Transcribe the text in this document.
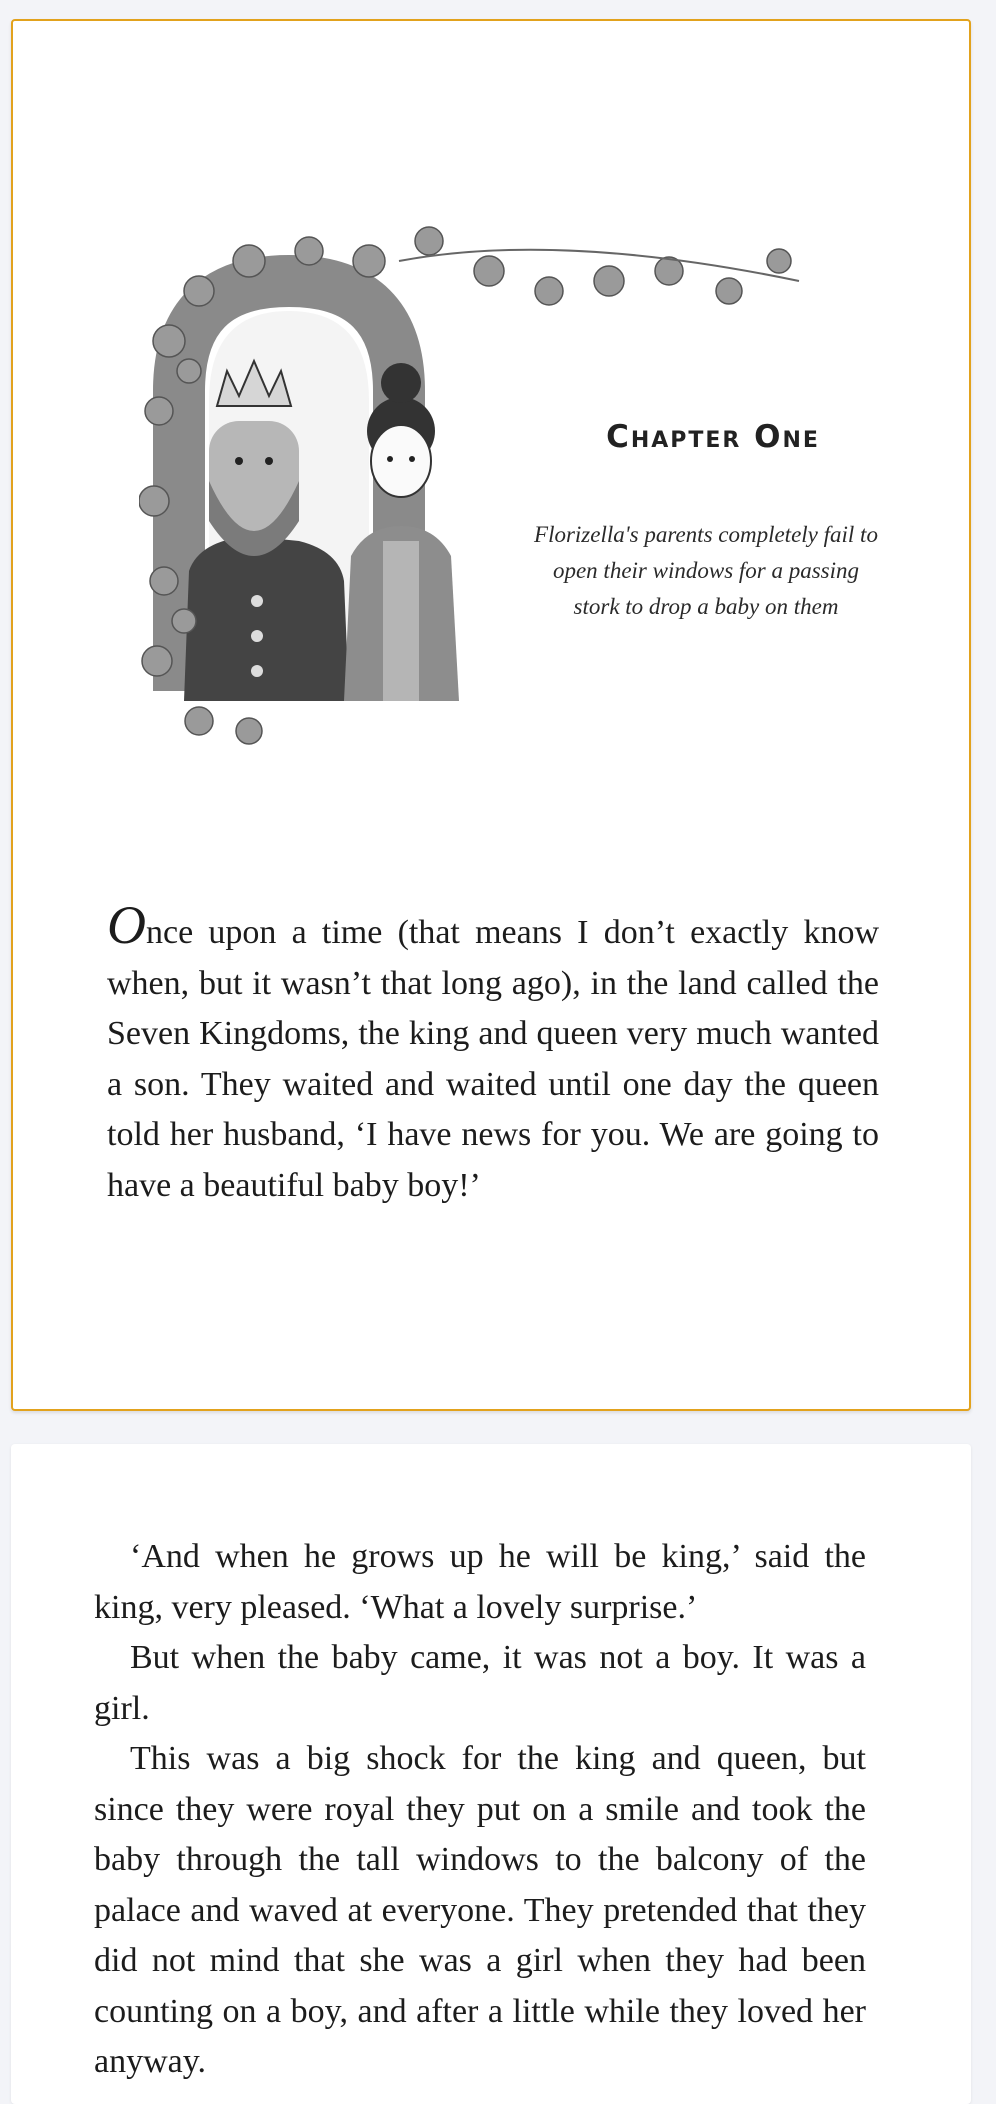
Chapter One
Florizella's parents completely fail to open their windows for a passing stork to drop a baby on them
Once upon a time (that means I don’t exactly know when, but it wasn’t that long ago), in the land called the Seven Kingdoms, the king and queen very much wanted a son. They waited and waited until one day the queen told her husband, ‘I have news for you. We are going to have a beautiful baby boy!’

‘And when he grows up he will be king,’ said the king, very pleased. ‘What a lovely surprise.’

But when the baby came, it was not a boy. It was a girl.

This was a big shock for the king and queen, but since they were royal they put on a smile and took the baby through the tall windows to the balcony of the palace and waved at everyone. They pretended that they did not mind that she was a girl when they had been counting on a boy, and after a little while they loved her anyway.
